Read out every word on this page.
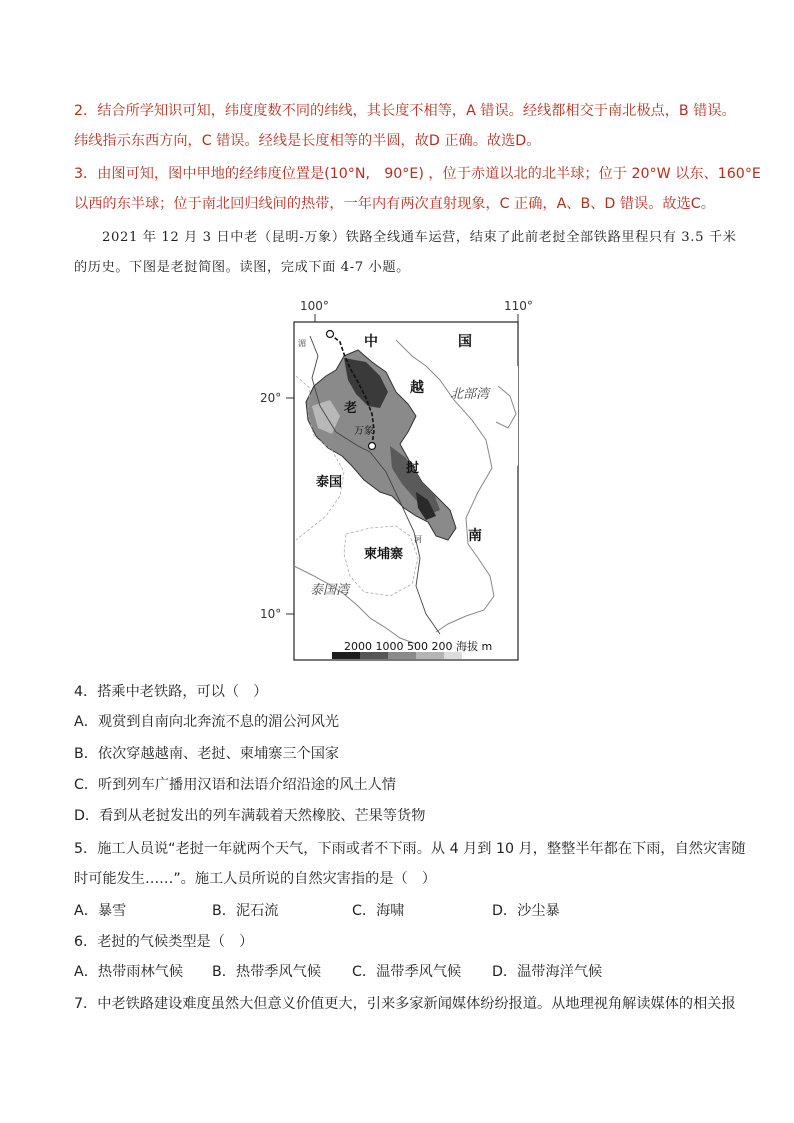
2．结合所学知识可知，纬度度数不同的纬线，其长度不相等，A 错误。经线都相交于南北极点，B 错误。
纬线指示东西方向，C 错误。经线是长度相等的半圆，故D 正确。故选D。
3．由图可知，图中甲地的经纬度位置是(10°N,　90°E) ，位于赤道以北的北半球；位于 20°W 以东、160°E
以西的东半球；位于南北回归线间的热带，一年内有两次直射现象，C 正确，A、B、D 错误。故选C。
2021 年 12 月 3 日中老（昆明-万象）铁路全线通车运营，结束了此前老挝全部铁路里程只有 3.5 千米
的历史。下图是老挝简图。读图，完成下面 4-7 小题。
100°	110°
20°
10°
中	国
越
南
北部湾
老
挝
万象
泰国
柬埔寨
泰国湾
湄
河
2000 1000 500 200 海拔 m
4．搭乘中老铁路，可以（　）
A．观赏到自南向北奔流不息的湄公河风光
B．依次穿越越南、老挝、柬埔寨三个国家
C．听到列车广播用汉语和法语介绍沿途的风土人情
D．看到从老挝发出的列车满载着天然橡胶、芒果等货物
5．施工人员说“老挝一年就两个天气，下雨或者不下雨。从 4 月到 10 月，整整半年都在下雨，自然灾害随
时可能发生……”。施工人员所说的自然灾害指的是（　）
A．暴雪	B．泥石流	C．海啸	D．沙尘暴
6．老挝的气候类型是（　）
A．热带雨林气候 B．热带季风气候 C．温带季风气候 D．温带海洋气候
7．中老铁路建设难度虽然大但意义价值更大，引来多家新闻媒体纷纷报道。从地理视角解读媒体的相关报
